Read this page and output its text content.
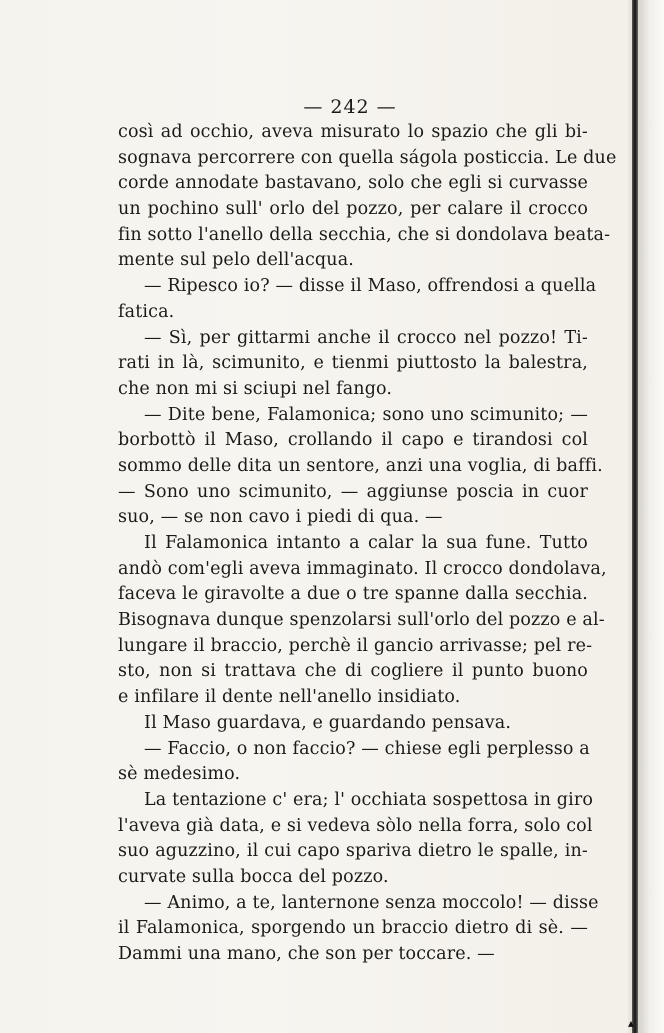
— 242 —
così ad occhio, aveva misurato lo spazio che gli bi-
sognava percorrere con quella ságola posticcia. Le due
corde annodate bastavano, solo che egli si curvasse
un pochino sull' orlo del pozzo, per calare il crocco
fin sotto l'anello della secchia, che si dondolava beata-
mente sul pelo dell'acqua.
— Ripesco io? — disse il Maso, offrendosi a quella
fatica.
— Sì, per gittarmi anche il crocco nel pozzo! Ti-
rati in là, scimunito, e tienmi piuttosto la balestra,
che non mi si sciupi nel fango.
— Dite bene, Falamonica; sono uno scimunito; —
borbottò il Maso, crollando il capo e tirandosi col
sommo delle dita un sentore, anzi una voglia, di baffi.
— Sono uno scimunito, — aggiunse poscia in cuor
suo, — se non cavo i piedi di qua. —
Il Falamonica intanto a calar la sua fune. Tutto
andò com'egli aveva immaginato. Il crocco dondolava,
faceva le giravolte a due o tre spanne dalla secchia.
Bisognava dunque spenzolarsi sull'orlo del pozzo e al-
lungare il braccio, perchè il gancio arrivasse; pel re-
sto, non si trattava che di cogliere il punto buono
e infilare il dente nell'anello insidiato.
Il Maso guardava, e guardando pensava.
— Faccio, o non faccio? — chiese egli perplesso a
sè medesimo.
La tentazione c' era; l' occhiata sospettosa in giro
l'aveva già data, e si vedeva sòlo nella forra, solo col
suo aguzzino, il cui capo spariva dietro le spalle, in-
curvate sulla bocca del pozzo.
— Animo, a te, lanternone senza moccolo! — disse
il Falamonica, sporgendo un braccio dietro di sè. —
Dammi una mano, che son per toccare. —
▴
